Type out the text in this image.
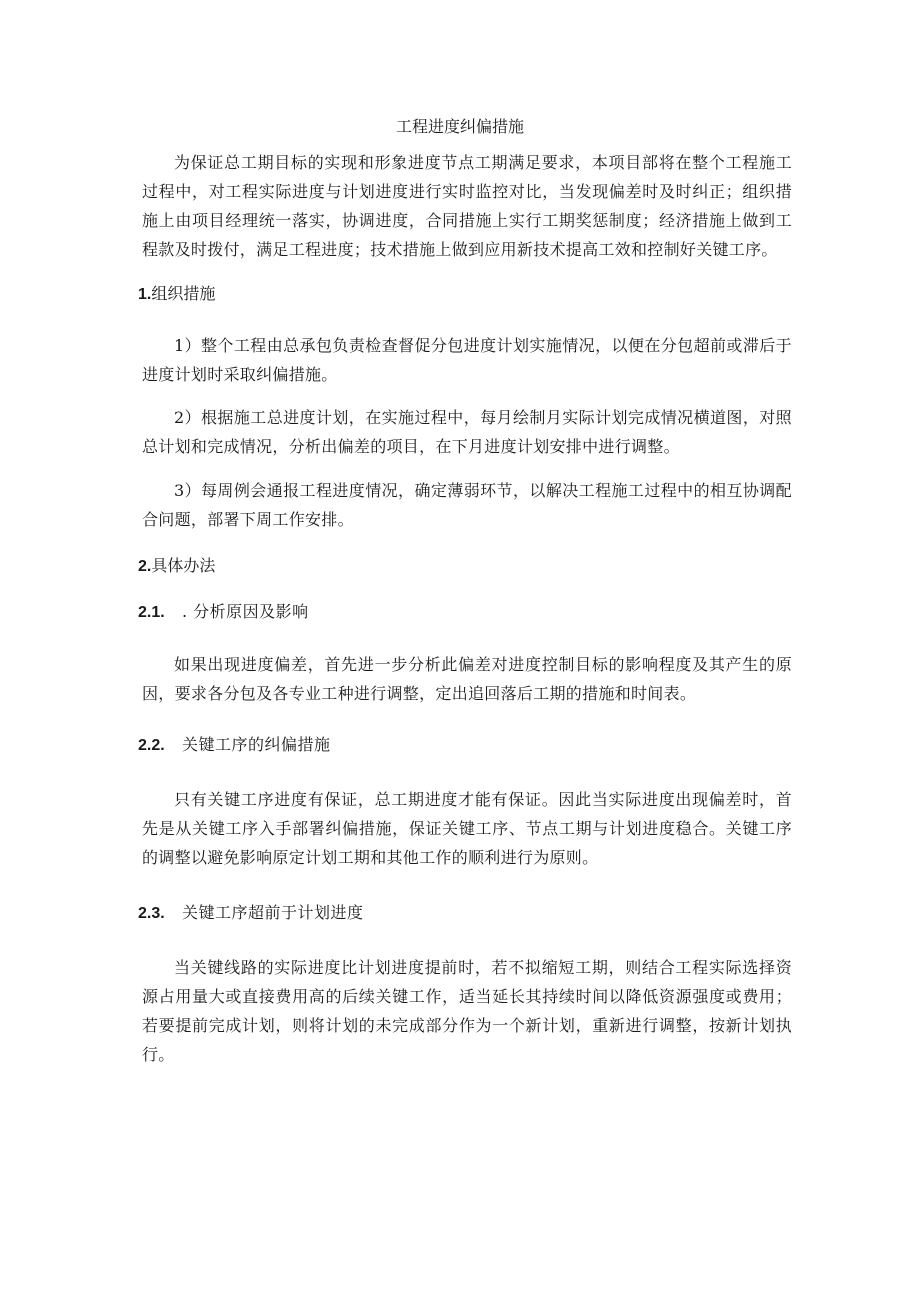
工程进度纠偏措施

为保证总工期目标的实现和形象进度节点工期满足要求，本项目部将在整个工程施工过程中，对工程实际进度与计划进度进行实时监控对比，当发现偏差时及时纠正；组织措施上由项目经理统一落实，协调进度，合同措施上实行工期奖惩制度；经济措施上做到工程款及时拨付，满足工程进度；技术措施上做到应用新技术提高工效和控制好关键工序。

1.组织措施

1）整个工程由总承包负责检查督促分包进度计划实施情况，以便在分包超前或滞后于进度计划时采取纠偏措施。

2）根据施工总进度计划，在实施过程中，每月绘制月实际计划完成情况横道图，对照总计划和完成情况，分析出偏差的项目，在下月进度计划安排中进行调整。

3）每周例会通报工程进度情况，确定薄弱环节，以解决工程施工过程中的相互协调配合问题，部署下周工作安排。

2.具体办法
2.1. . 分析原因及影响

如果出现进度偏差，首先进一步分析此偏差对进度控制目标的影响程度及其产生的原因，要求各分包及各专业工种进行调整，定出追回落后工期的措施和时间表。

2.2. 关键工序的纠偏措施

只有关键工序进度有保证，总工期进度才能有保证。因此当实际进度出现偏差时，首先是从关键工序入手部署纠偏措施，保证关键工序、节点工期与计划进度稳合。关键工序的调整以避免影响原定计划工期和其他工作的顺利进行为原则。

2.3. 关键工序超前于计划进度

当关键线路的实际进度比计划进度提前时，若不拟缩短工期，则结合工程实际选择资源占用量大或直接费用高的后续关键工作，适当延长其持续时间以降低资源强度或费用；若要提前完成计划，则将计划的未完成部分作为一个新计划，重新进行调整，按新计划执行。
